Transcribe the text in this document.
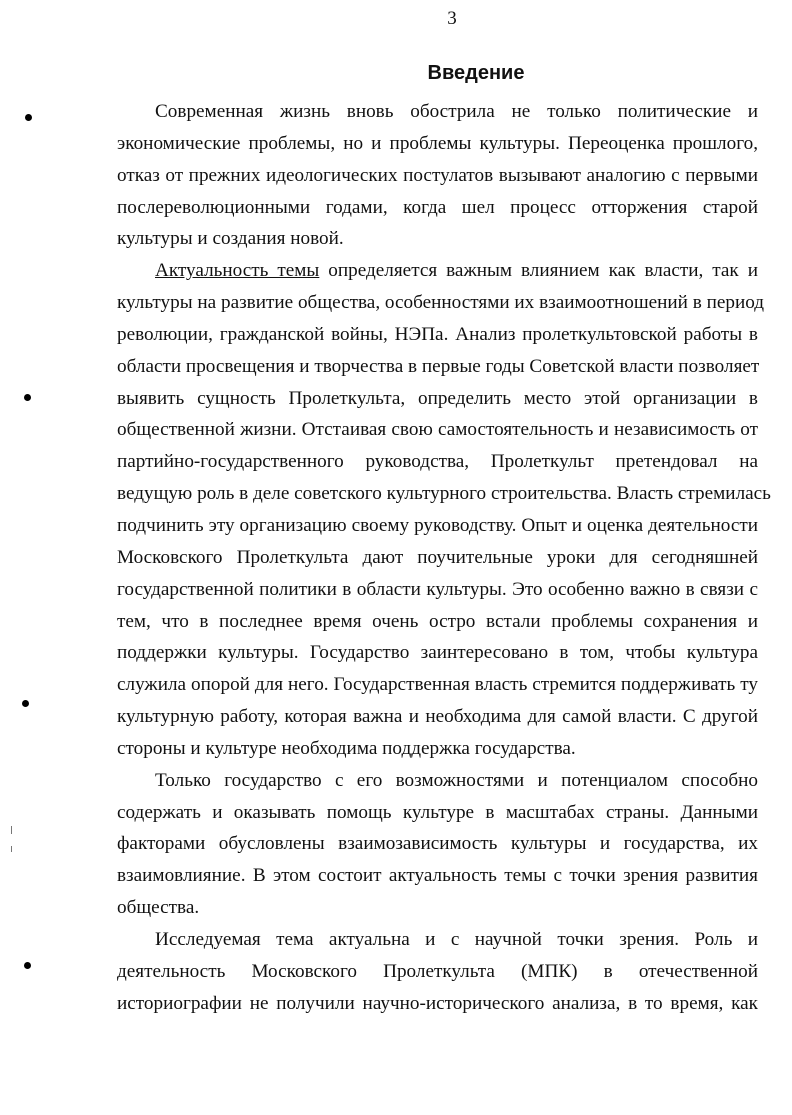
3
Введение
Современная жизнь вновь обострила не только политические и
экономические проблемы, но и проблемы культуры. Переоценка прошлого,
отказ от прежних идеологических постулатов вызывают аналогию с первыми
послереволюционными годами, когда шел процесс отторжения старой
культуры и создания новой.
Актуальность темы определяется важным влиянием как власти, так и
культуры на развитие общества, особенностями их взаимоотношений в период
революции, гражданской войны, НЭПа. Анализ пролеткультовской работы в
области просвещения и творчества в первые годы Советской власти позволяет
выявить сущность Пролеткульта, определить место этой организации в
общественной жизни. Отстаивая свою самостоятельность и независимость от
партийно-государственного руководства, Пролеткульт претендовал на
ведущую роль в деле советского культурного строительства. Власть стремилась
подчинить эту организацию своему руководству. Опыт и оценка деятельности
Московского Пролеткульта дают поучительные уроки для сегодняшней
государственной политики в области культуры. Это особенно важно в связи с
тем, что в последнее время очень остро встали проблемы сохранения и
поддержки культуры. Государство заинтересовано в том, чтобы культура
служила опорой для него. Государственная власть стремится поддерживать ту
культурную работу, которая важна и необходима для самой власти. С другой
стороны и культуре необходима поддержка государства.
Только государство с его возможностями и потенциалом способно
содержать и оказывать помощь культуре в масштабах страны. Данными
факторами обусловлены взаимозависимость культуры и государства, их
взаимовлияние. В этом состоит актуальность темы с точки зрения развития
общества.
Исследуемая тема актуальна и с научной точки зрения. Роль и
деятельность Московского Пролеткульта (МПК) в отечественной
историографии не получили научно-исторического анализа, в то время, как
